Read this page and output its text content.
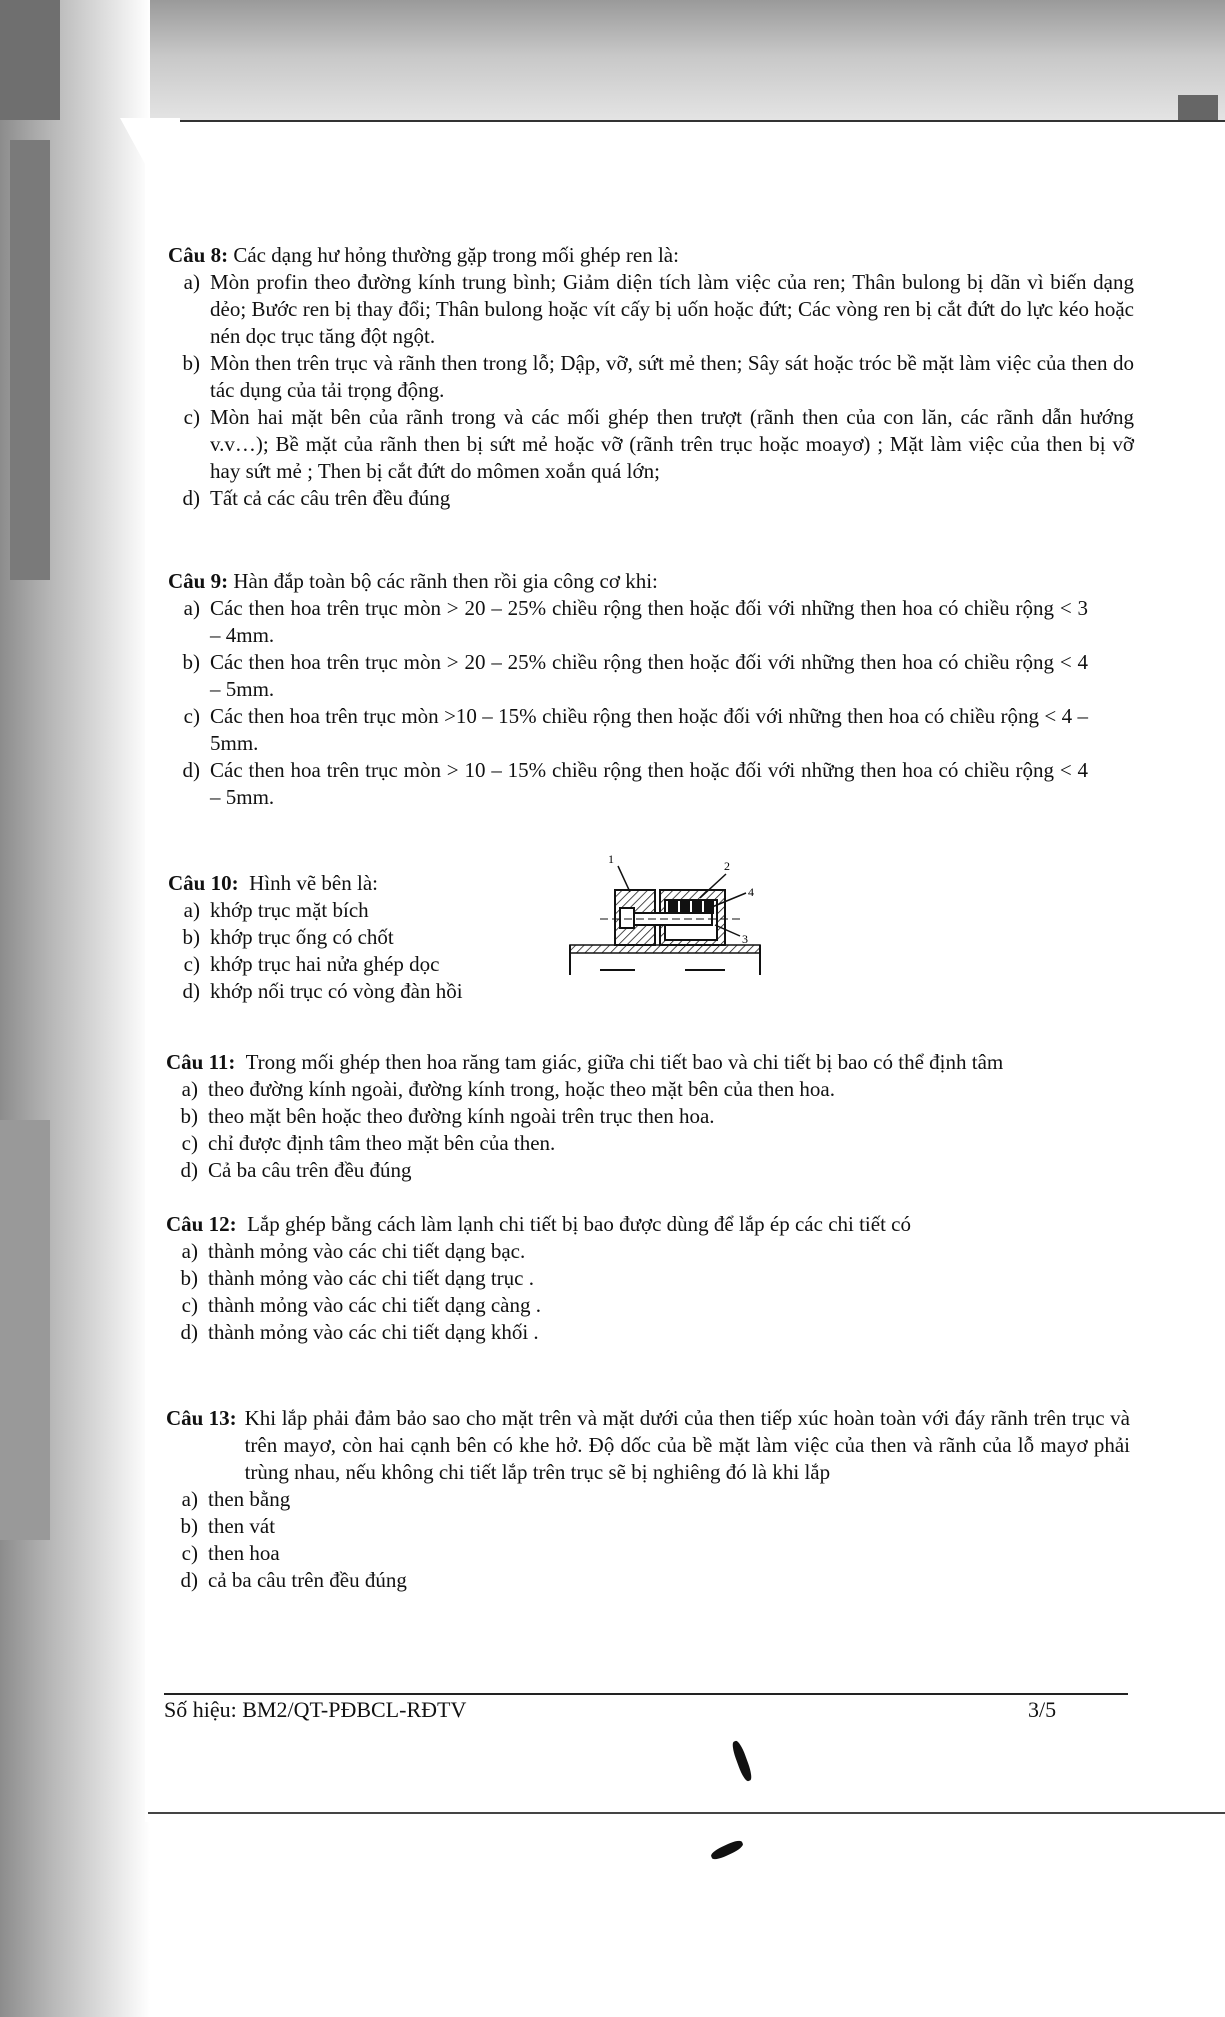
Câu 8: Các dạng hư hỏng thường gặp trong mối ghép ren là:
a) Mòn profin theo đường kính trung bình; Giảm diện tích làm việc của ren; Thân bulong bị dãn vì biến dạng dẻo; Bước ren bị thay đổi; Thân bulong hoặc vít cấy bị uốn hoặc đứt; Các vòng ren bị cắt đứt do lực kéo hoặc nén dọc trục tăng đột ngột.
b) Mòn then trên trục và rãnh then trong lỗ; Dập, vỡ, sứt mẻ then; Sây sát hoặc tróc bề mặt làm việc của then do tác dụng của tải trọng động.
c) Mòn hai mặt bên của rãnh trong và các mối ghép then trượt (rãnh then của con lăn, các rãnh dẫn hướng v.v…); Bề mặt của rãnh then bị sứt mẻ hoặc vỡ (rãnh trên trục hoặc moayơ) ; Mặt làm việc của then bị vỡ hay sứt mẻ ; Then bị cắt đứt do mômen xoắn quá lớn;
d) Tất cả các câu trên đều đúng
Câu 9: Hàn đắp toàn bộ các rãnh then rồi gia công cơ khi:
a) Các then hoa trên trục mòn > 20 – 25% chiều rộng then hoặc đối với những then hoa có chiều rộng < 3 – 4mm.
b) Các then hoa trên trục mòn > 20 – 25% chiều rộng then hoặc đối với những then hoa có chiều rộng < 4 – 5mm.
c) Các then hoa trên trục mòn >10 – 15% chiều rộng then hoặc đối với những then hoa có chiều rộng < 4 – 5mm.
d) Các then hoa trên trục mòn > 10 – 15% chiều rộng then hoặc đối với những then hoa có chiều rộng < 4 – 5mm.
Câu 10: Hình vẽ bên là:
a) khớp trục mặt bích
b) khớp trục ống có chốt
c) khớp trục hai nửa ghép dọc
d) khớp nối trục có vòng đàn hồi
1	2
3
4
Câu 11: Trong mối ghép then hoa răng tam giác, giữa chi tiết bao và chi tiết bị bao có thể định tâm
a) theo đường kính ngoài, đường kính trong, hoặc theo mặt bên của then hoa.
b) theo mặt bên hoặc theo đường kính ngoài trên trục then hoa.
c) chỉ được định tâm theo mặt bên của then.
d) Cả ba câu trên đều đúng
Câu 12: Lắp ghép bằng cách làm lạnh chi tiết bị bao được dùng để lắp ép các chi tiết có
a) thành mỏng vào các chi tiết dạng bạc.
b) thành mỏng vào các chi tiết dạng trục .
c) thành mỏng vào các chi tiết dạng càng .
d) thành mỏng vào các chi tiết dạng khối .
Câu 13: Khi lắp phải đảm bảo sao cho mặt trên và mặt dưới của then tiếp xúc hoàn toàn với đáy rãnh trên trục và trên mayơ, còn hai cạnh bên có khe hở. Độ dốc của bề mặt làm việc của then và rãnh của lỗ mayơ phải trùng nhau, nếu không chi tiết lắp trên trục sẽ bị nghiêng đó là khi lắp
a) then bằng
b) then vát
c) then hoa
d) cả ba câu trên đều đúng
Số hiệu: BM2/QT-PĐBCL-RĐTV	3/5
